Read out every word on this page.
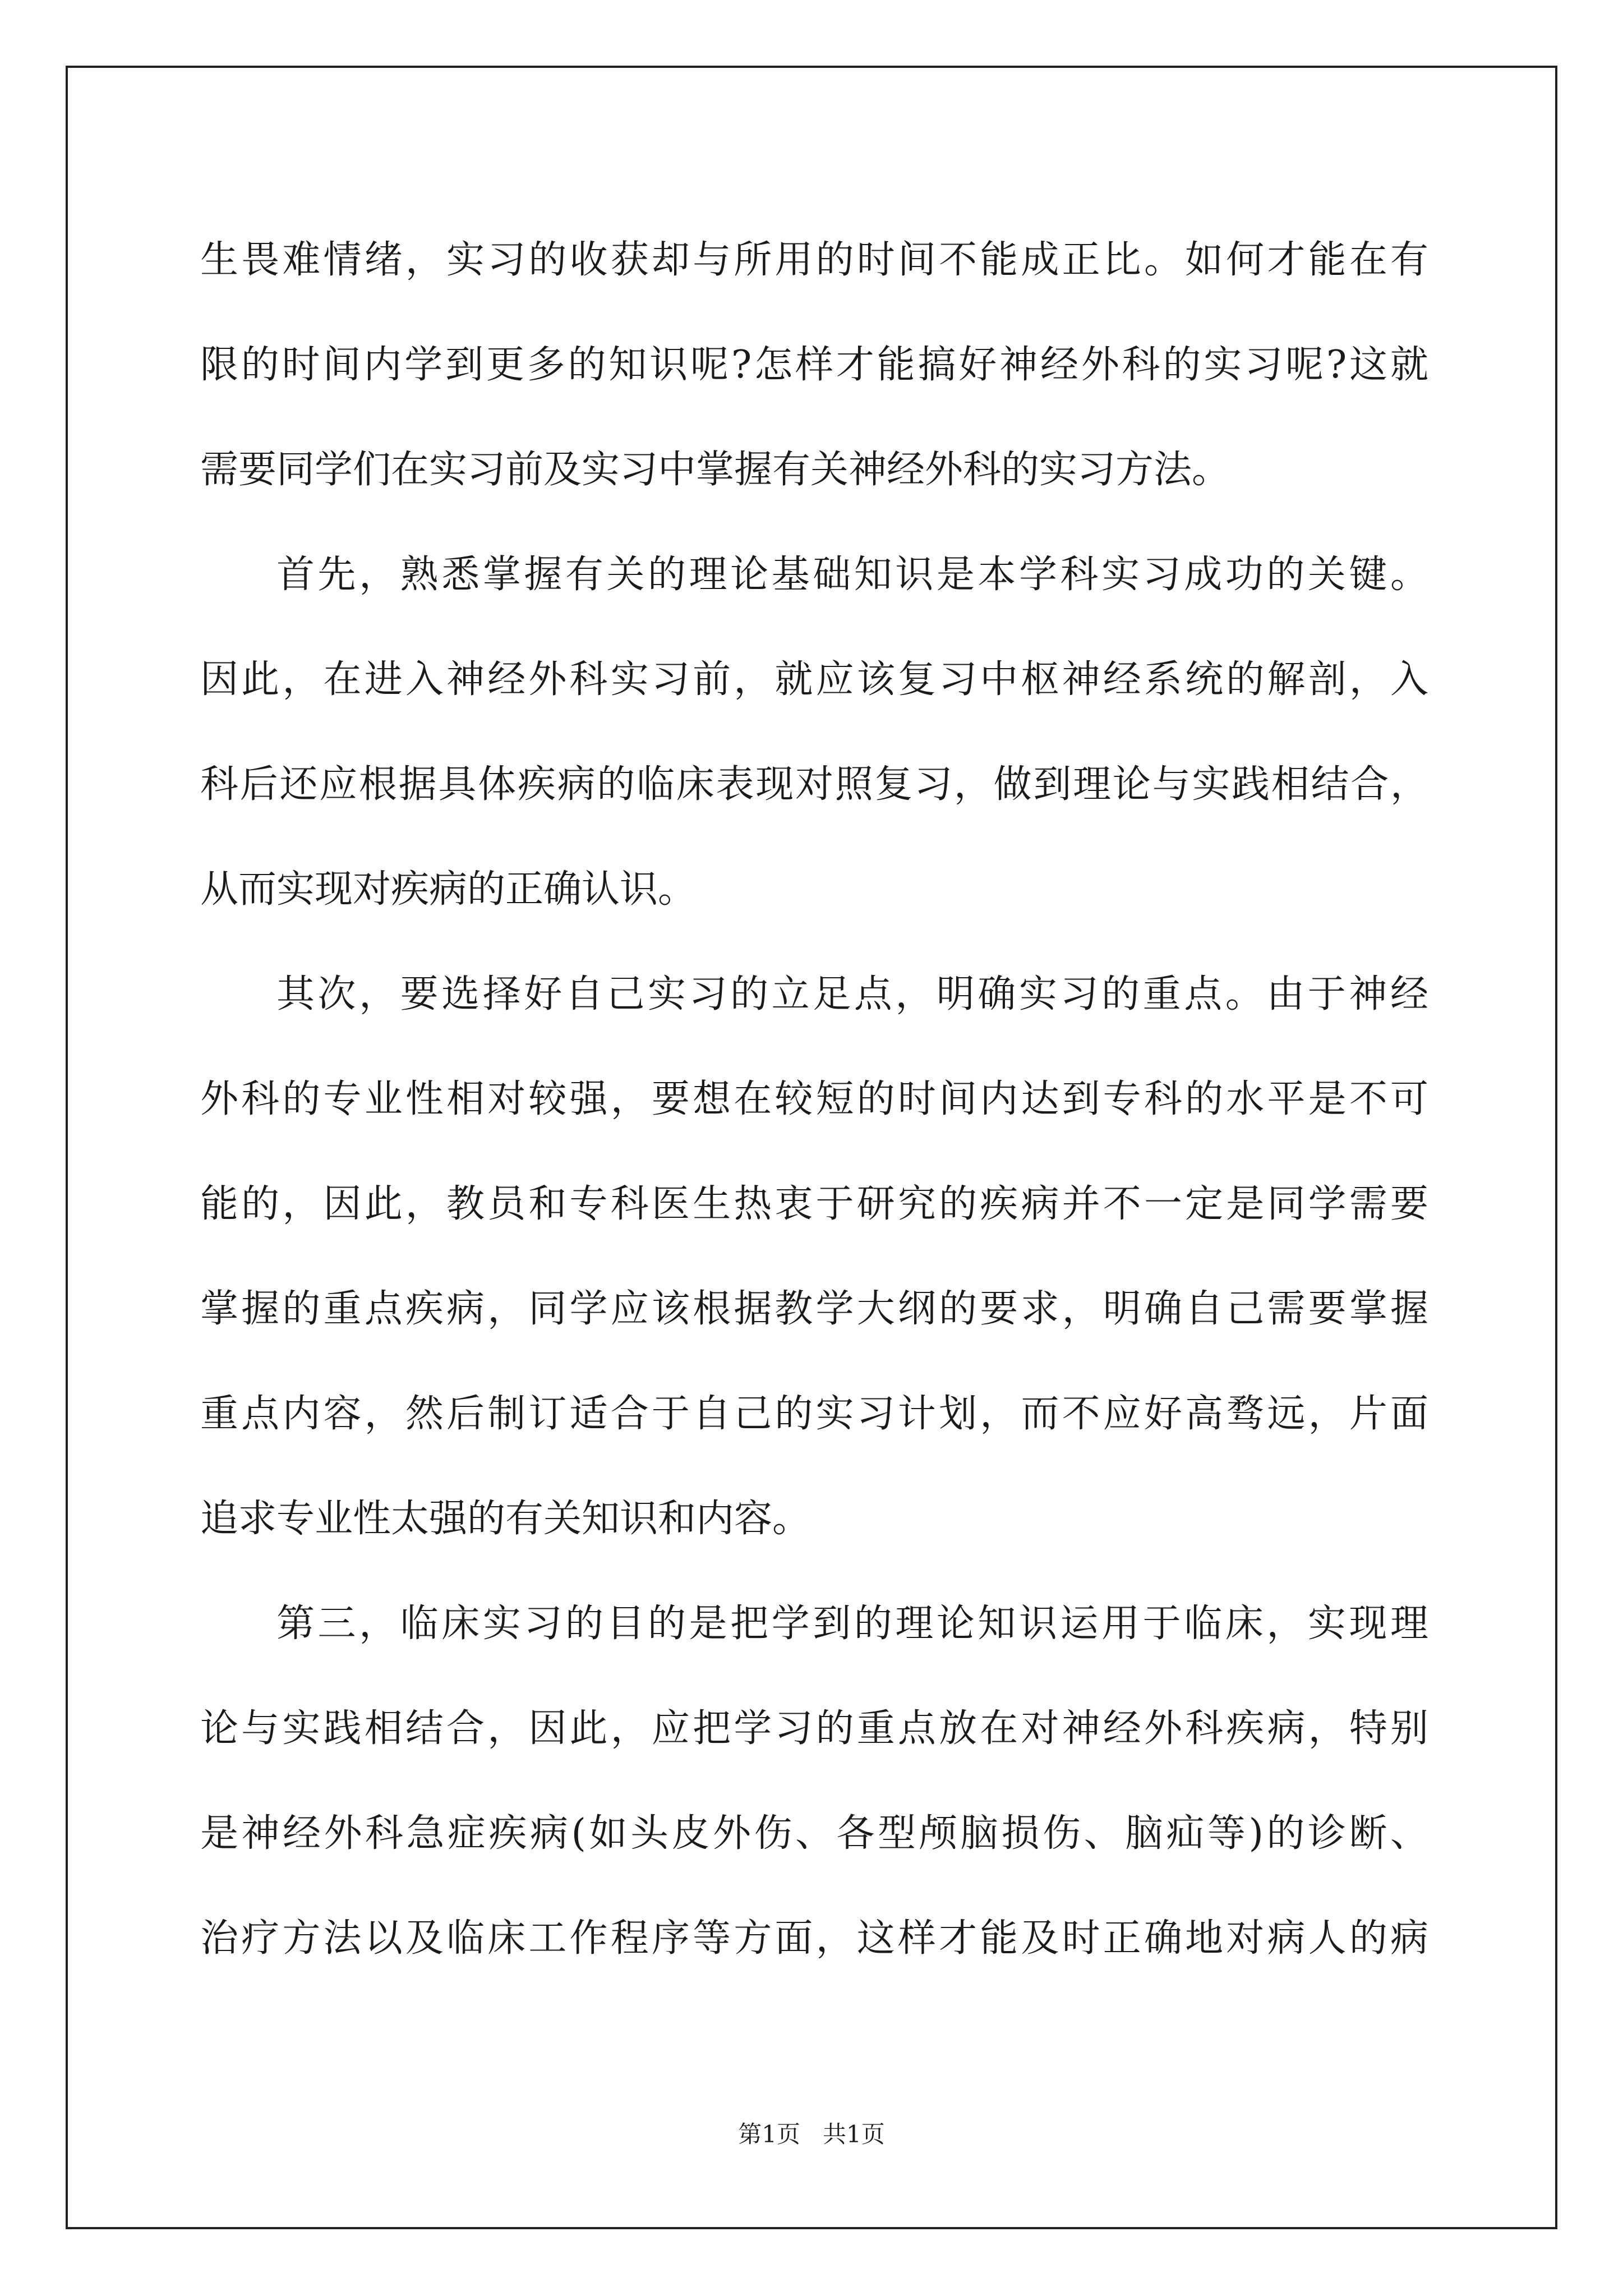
生畏难情绪，实习的收获却与所用的时间不能成正比。如何才能在有
限的时间内学到更多的知识呢?怎样才能搞好神经外科的实习呢?这就
需要同学们在实习前及实习中掌握有关神经外科的实习方法。
首先，熟悉掌握有关的理论基础知识是本学科实习成功的关键。
因此，在进入神经外科实习前，就应该复习中枢神经系统的解剖，入
科后还应根据具体疾病的临床表现对照复习，做到理论与实践相结合，
从而实现对疾病的正确认识。
其次，要选择好自己实习的立足点，明确实习的重点。由于神经
外科的专业性相对较强，要想在较短的时间内达到专科的水平是不可
能的，因此，教员和专科医生热衷于研究的疾病并不一定是同学需要
掌握的重点疾病，同学应该根据教学大纲的要求，明确自己需要掌握
重点内容，然后制订适合于自己的实习计划，而不应好高骛远，片面
追求专业性太强的有关知识和内容。
第三，临床实习的目的是把学到的理论知识运用于临床，实现理
论与实践相结合，因此，应把学习的重点放在对神经外科疾病，特别
是神经外科急症疾病(如头皮外伤、各型颅脑损伤、脑疝等)的诊断、
治疗方法以及临床工作程序等方面，这样才能及时正确地对病人的病
第1页 共1页
